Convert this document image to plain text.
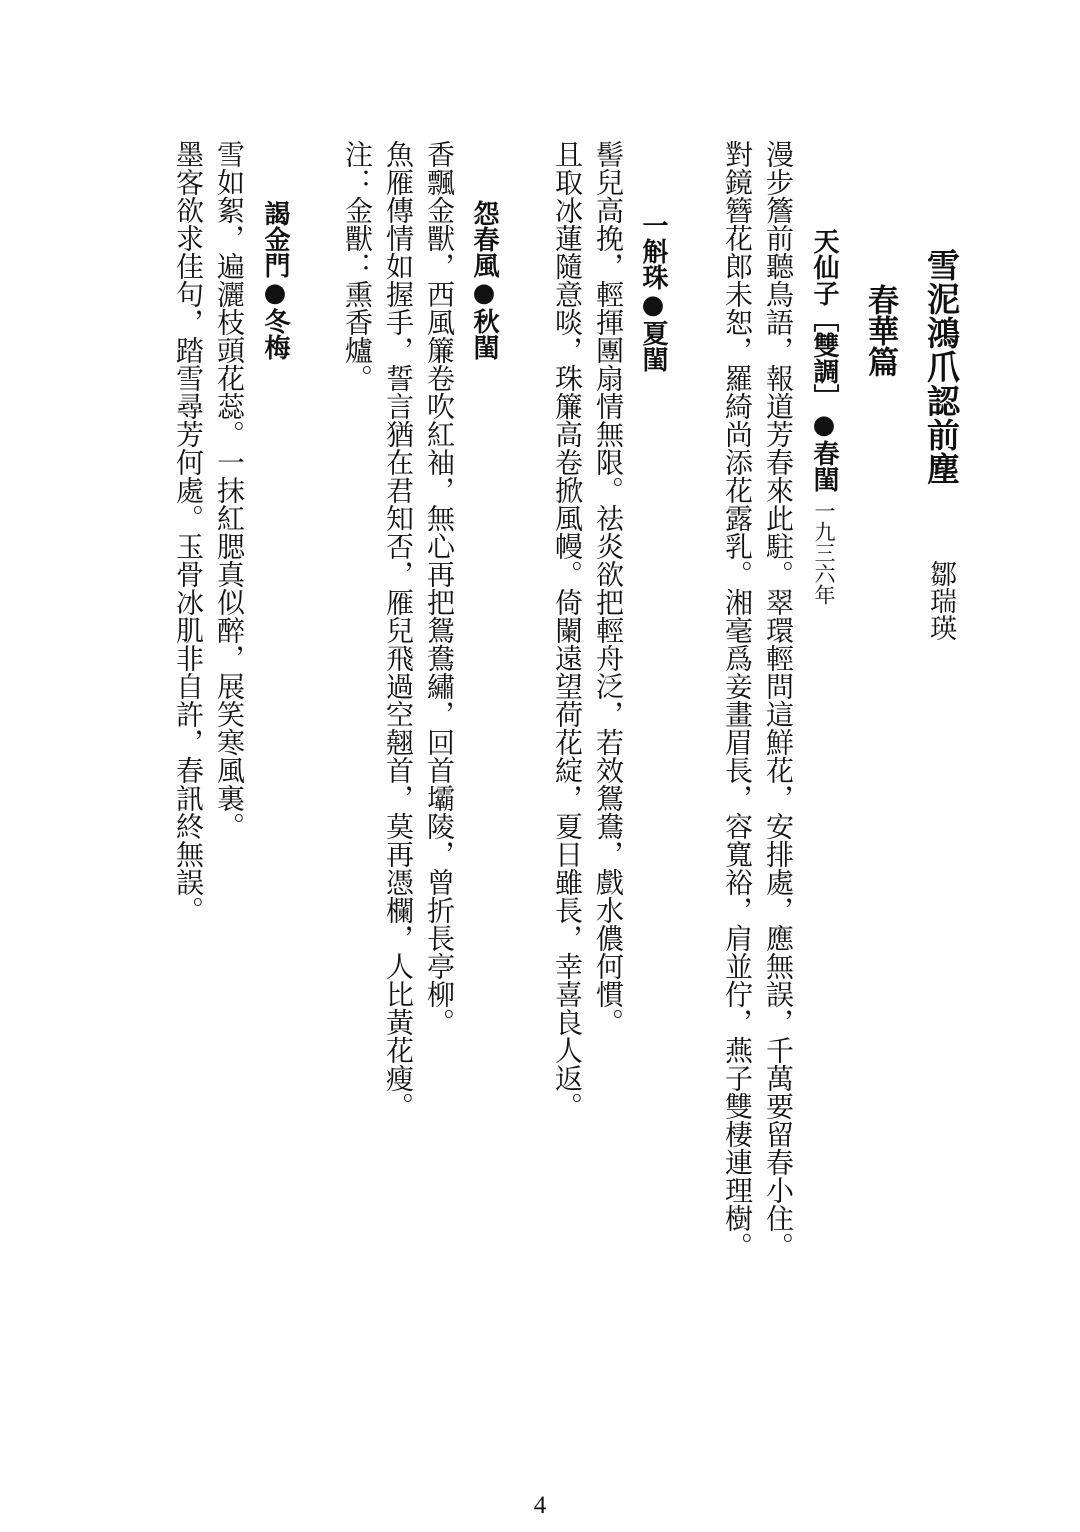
雪泥鴻爪認前塵
鄒瑞瑛
春華篇
天仙子［雙調］●春閨一九三六年
漫步簷前聽鳥語，報道芳春來此駐。翠環輕問這鮮花，安排處，應無誤，千萬要留春小住。
對鏡簪花郎未恕，羅綺尚添花露乳。湘毫爲妾畫眉長，容寬裕，肩並佇，燕子雙棲連理樹。
一斛珠●夏閨
髻兒高挽，輕揮團扇情無限。祛炎欲把輕舟泛，若效鴛鴦，戲水儂何慣。
且取冰蓮隨意啖，珠簾高卷掀風幔。倚闌遠望荷花綻，夏日雖長，幸喜良人返。
怨春風●秋閨
香飄金獸，西風簾卷吹紅袖，無心再把鴛鴦繡，回首壩陵，曾折長亭柳。
魚雁傳情如握手，誓言猶在君知否，雁兒飛過空翹首，莫再憑欄，人比黃花瘦。
注：金獸：熏香爐。
謁金門●冬梅
雪如絮，遍灑枝頭花蕊。一抹紅腮真似醉，展笑寒風裏。
墨客欲求佳句，踏雪尋芳何處。玉骨冰肌非自許，春訊終無誤。
4
